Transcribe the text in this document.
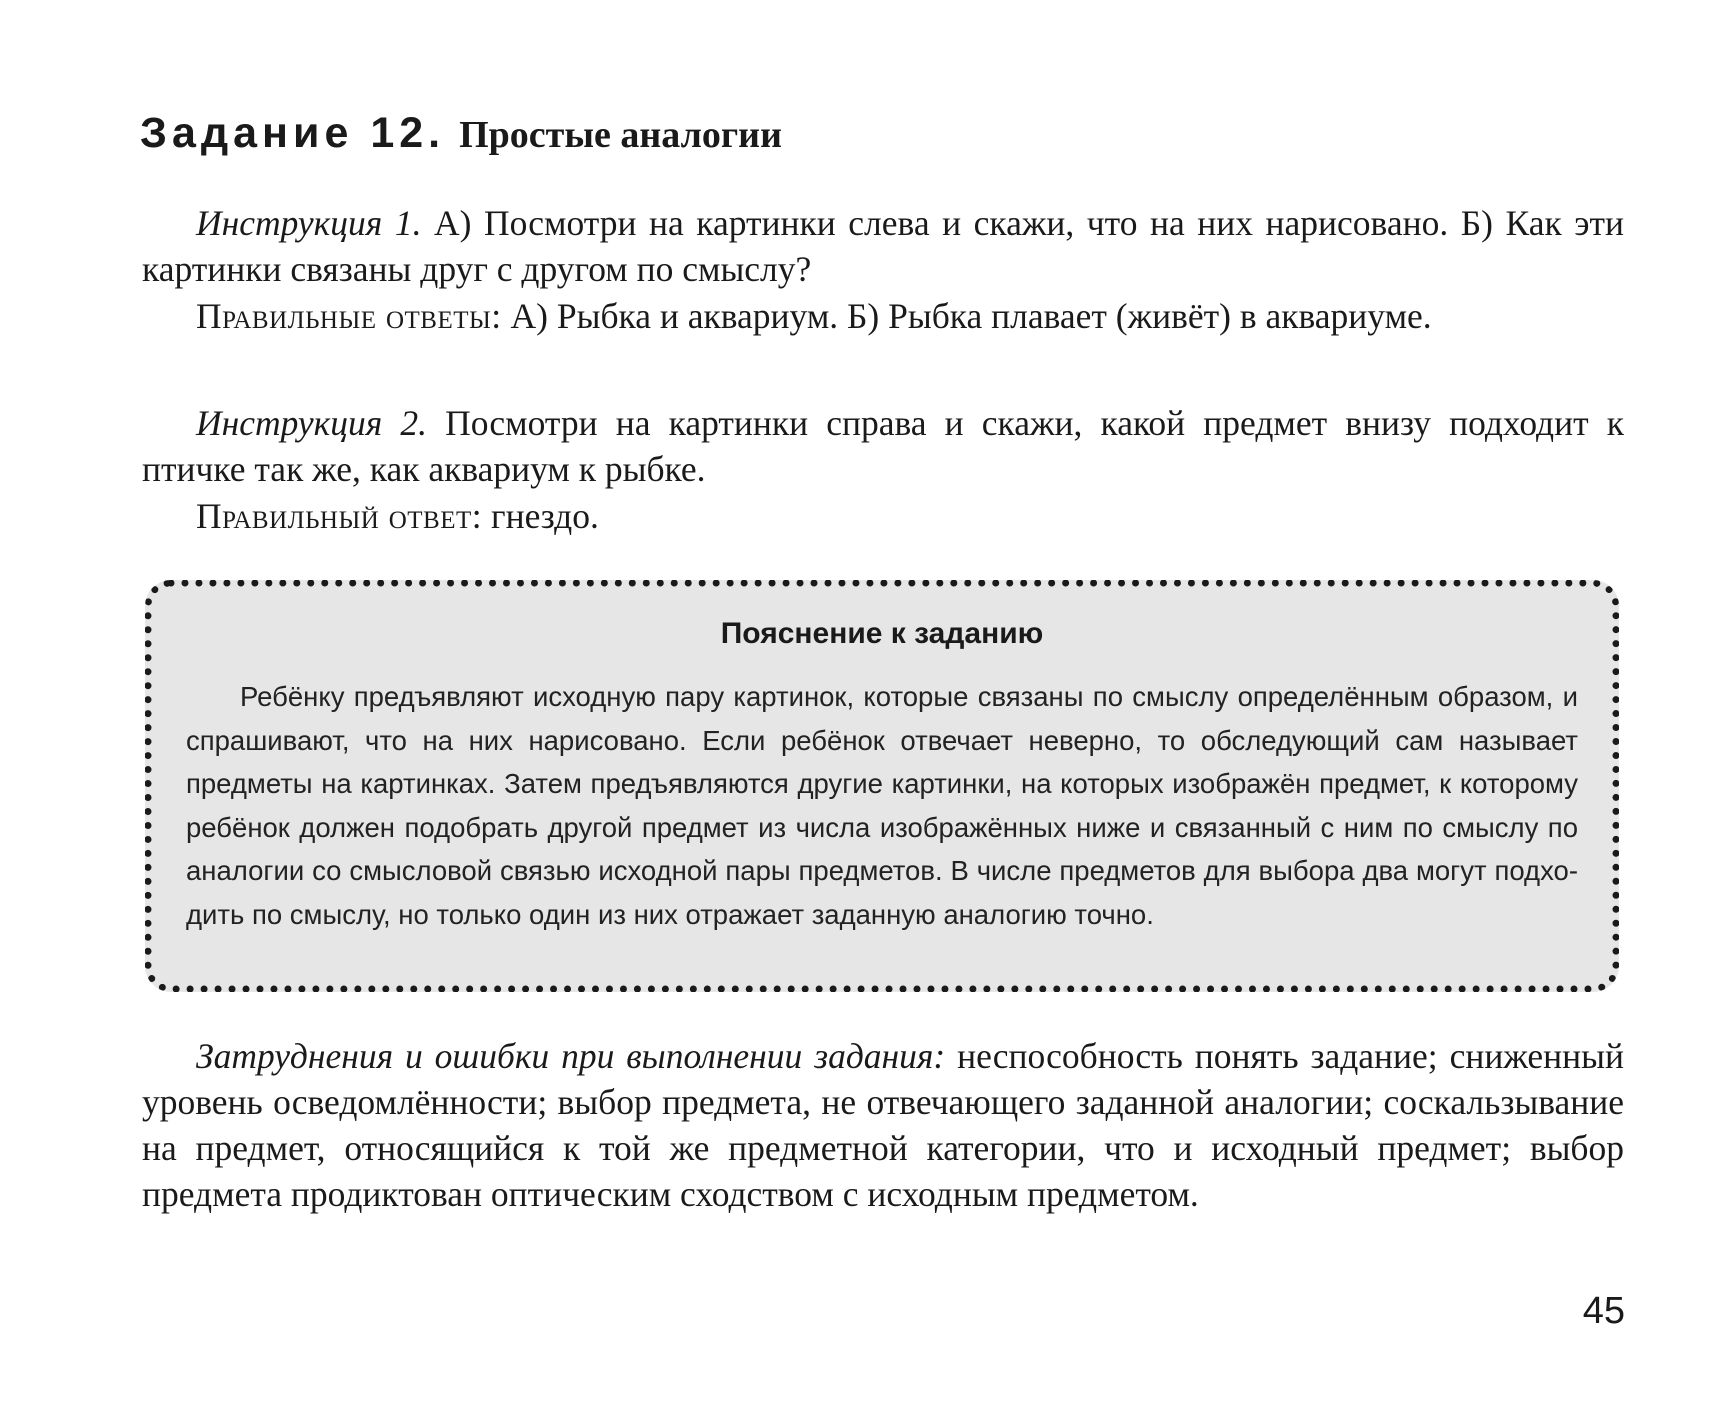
Задание 12. Простые аналогии

Инструкция 1. А) Посмотри на картинки слева и скажи, что на них нарисовано. Б) Как эти картинки связаны друг с другом по смыслу?

Правильные ответы: А) Рыбка и аквариум. Б) Рыбка плавает (живёт) в аквариуме.

Инструкция 2. Посмотри на картинки справа и скажи, какой предмет внизу подходит к птичке так же, как аквариум к рыбке.

Правильный ответ: гнездо.

Пояснение к заданию

Ребёнку предъявляют исходную пару картинок, которые связаны по смыслу определённым образом, и спрашивают, что на них нарисовано. Если ребёнок отвечает неверно, то обследующий сам называет предметы на картинках. Затем предъявляются другие картинки, на которых изображён предмет, к которому ребёнок должен подобрать другой предмет из числа изображённых ниже и связанный с ним по смыслу по аналогии со смысловой связью исходной пары предметов. В числе предметов для выбора два могут подходить по смыслу, но только один из них отражает заданную аналогию точно.

Затруднения и ошибки при выполнении задания: неспособность понять задание; сниженный уровень осведомлённости; выбор предмета, не отвечающего заданной аналогии; соскальзывание на предмет, относящийся к той же предметной категории, что и исходный предмет; выбор предмета продиктован оптическим сходством с исходным предметом.

45
